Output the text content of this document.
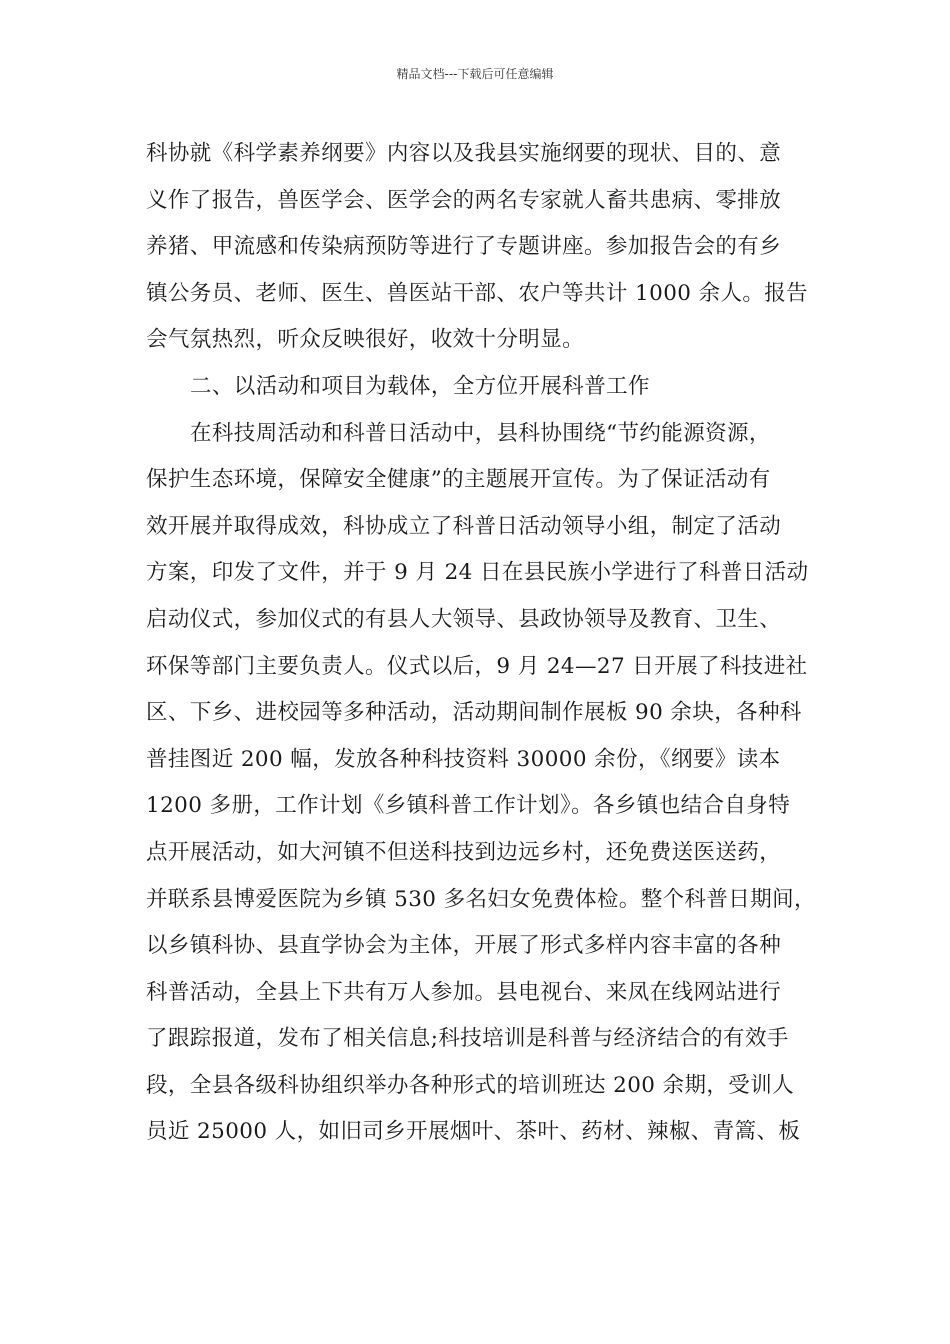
精品文档---下载后可任意编辑
科协就《科学素养纲要》内容以及我县实施纲要的现状、目的、意
义作了报告，兽医学会、医学会的两名专家就人畜共患病、零排放
养猪、甲流感和传染病预防等进行了专题讲座。参加报告会的有乡
镇公务员、老师、医生、兽医站干部、农户等共计 1000 余人。报告
会气氛热烈，听众反映很好，收效十分明显。
二、以活动和项目为载体，全方位开展科普工作
在科技周活动和科普日活动中，县科协围绕“节约能源资源，
保护生态环境，保障安全健康”的主题展开宣传。为了保证活动有
效开展并取得成效，科协成立了科普日活动领导小组，制定了活动
方案，印发了文件，并于 9 月 24 日在县民族小学进行了科普日活动
启动仪式，参加仪式的有县人大领导、县政协领导及教育、卫生、
环保等部门主要负责人。仪式以后，9 月 24—27 日开展了科技进社
区、下乡、进校园等多种活动，活动期间制作展板 90 余块，各种科
普挂图近 200 幅，发放各种科技资料 30000 余份，《纲要》读本
1200 多册，工作计划《乡镇科普工作计划》。各乡镇也结合自身特
点开展活动，如大河镇不但送科技到边远乡村，还免费送医送药，
并联系县博爱医院为乡镇 530 多名妇女免费体检。整个科普日期间，
以乡镇科协、县直学协会为主体，开展了形式多样内容丰富的各种
科普活动，全县上下共有万人参加。县电视台、来凤在线网站进行
了跟踪报道，发布了相关信息;科技培训是科普与经济结合的有效手
段，全县各级科协组织举办各种形式的培训班达 200 余期，受训人
员近 25000 人，如旧司乡开展烟叶、茶叶、药材、辣椒、青篙、板
